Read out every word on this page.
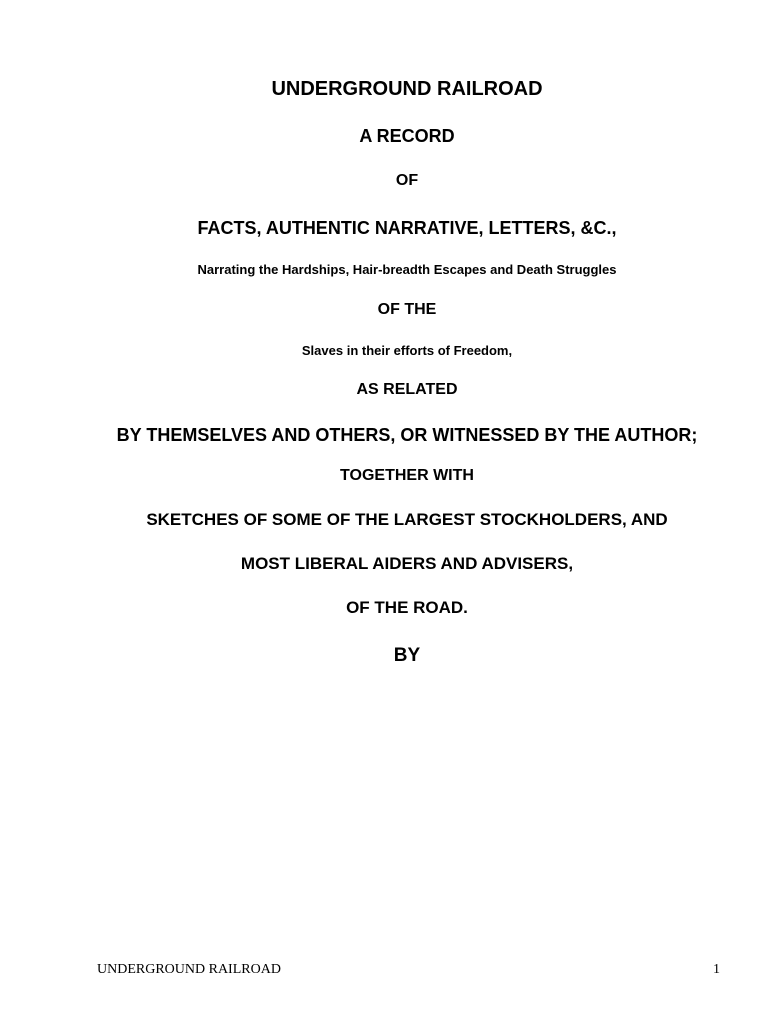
UNDERGROUND RAILROAD

A RECORD

OF

FACTS, AUTHENTIC NARRATIVE, LETTERS, &C.,

Narrating the Hardships, Hair-breadth Escapes and Death Struggles

OF THE

Slaves in their efforts of Freedom,

AS RELATED

BY THEMSELVES AND OTHERS, OR WITNESSED BY THE AUTHOR;

TOGETHER WITH

SKETCHES OF SOME OF THE LARGEST STOCKHOLDERS, AND

MOST LIBERAL AIDERS AND ADVISERS,

OF THE ROAD.

BY

UNDERGROUND RAILROAD	1
